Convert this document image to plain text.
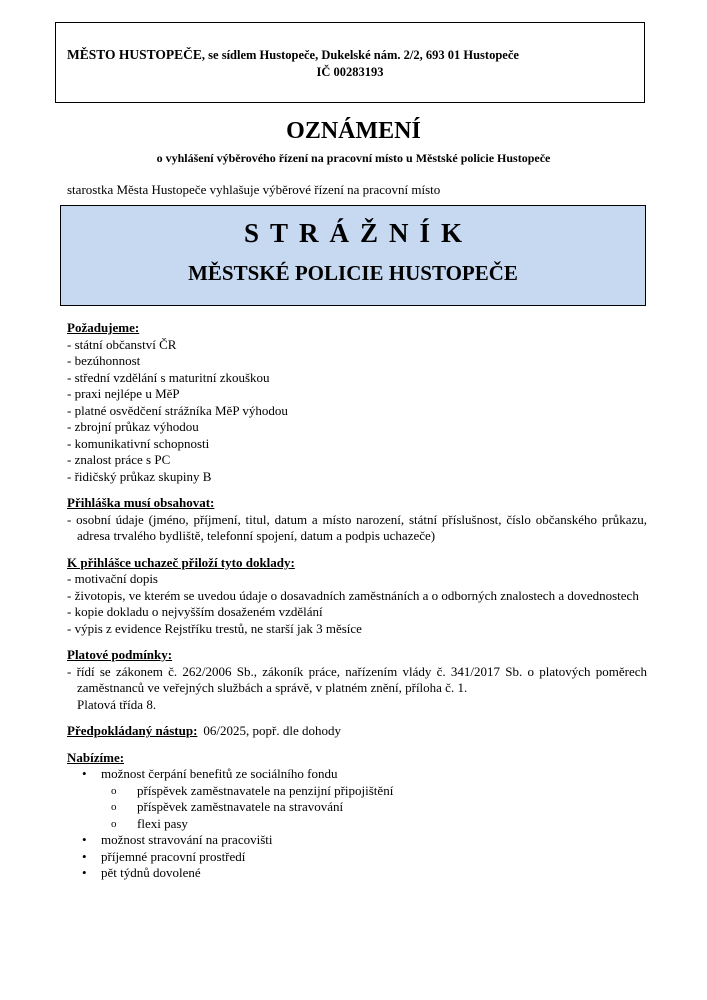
MĚSTO HUSTOPEČE, se sídlem Hustopeče, Dukelské nám. 2/2, 693 01 Hustopeče
IČ 00283193
OZNÁMENÍ
o vyhlášení výběrového řízení na pracovní místo u Městské policie Hustopeče
starostka Města Hustopeče vyhlašuje výběrové řízení na pracovní místo
STRÁŽNÍK
MĚSTSKÉ POLICIE HUSTOPEČE
Požadujeme:
- státní občanství ČR
- bezúhonnost
- střední vzdělání s maturitní zkouškou
- praxi nejlépe u MěP
- platné osvědčení strážníka MěP výhodou
- zbrojní průkaz výhodou
- komunikativní schopnosti
- znalost práce s PC
- řidičský průkaz skupiny B
Přihláška musí obsahovat:
- osobní údaje (jméno, příjmení, titul, datum a místo narození, státní příslušnost, číslo občanského průkazu, adresa trvalého bydliště, telefonní spojení, datum a podpis uchazeče)
K přihlášce uchazeč přiloží tyto doklady:
- motivační dopis
- životopis, ve kterém se uvedou údaje o dosavadních zaměstnáních a o odborných znalostech a dovednostech
- kopie dokladu o nejvyšším dosaženém vzdělání
- výpis z evidence Rejstříku trestů, ne starší jak 3 měsíce
Platové podmínky:
- řídí se zákonem č. 262/2006 Sb., zákoník práce, nařízením vlády č. 341/2017 Sb. o platových poměrech zaměstnanců ve veřejných službách a správě, v platném znění, příloha č. 1.
Platová třída 8.
Předpokládaný nástup: 06/2025, popř. dle dohody
Nabízíme:
• možnost čerpání benefitů ze sociálního fondu
o příspěvek zaměstnavatele na penzijní připojištění
o příspěvek zaměstnavatele na stravování
o flexi pasy
• možnost stravování na pracovišti
• příjemné pracovní prostředí
• pět týdnů dovolené
